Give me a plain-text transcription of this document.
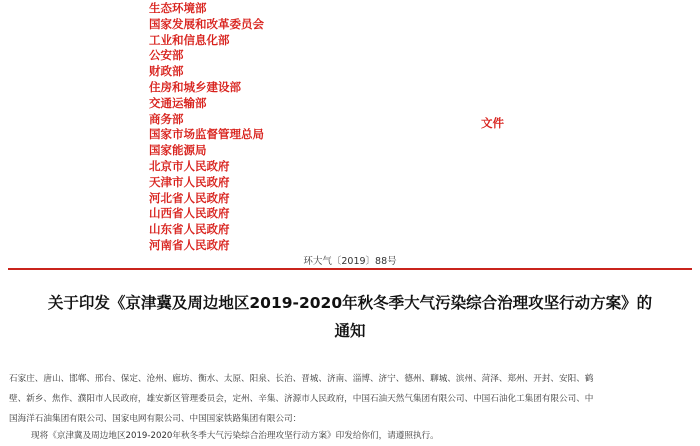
生态环境部
国家发展和改革委员会
工业和信息化部
公安部
财政部
住房和城乡建设部
交通运输部
商务部
国家市场监督管理总局
国家能源局
北京市人民政府
天津市人民政府
河北省人民政府
山西省人民政府
山东省人民政府
河南省人民政府
文件
环大气〔2019〕88号
关于印发《京津冀及周边地区2019-2020年秋冬季大气污染综合治理攻坚行动方案》的
通知
石家庄、唐山、邯郸、邢台、保定、沧州、廊坊、衡水、太原、阳泉、长治、晋城、济南、淄博、济宁、德州、聊城、滨州、菏泽、郑州、开封、安阳、鹤
壁、新乡、焦作、濮阳市人民政府，雄安新区管理委员会，定州、辛集、济源市人民政府，中国石油天然气集团有限公司、中国石油化工集团有限公司、中
国海洋石油集团有限公司、国家电网有限公司、中国国家铁路集团有限公司：
现将《京津冀及周边地区2019-2020年秋冬季大气污染综合治理攻坚行动方案》印发给你们，请遵照执行。
